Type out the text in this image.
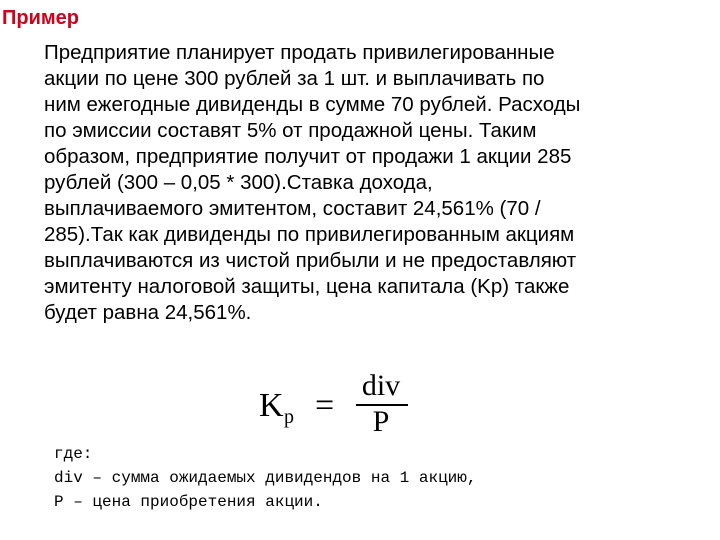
Пример
Предприятие планирует продать привилегированные
акции по цене 300 рублей за 1 шт. и выплачивать по
ним ежегодные дивиденды в сумме 70 рублей. Расходы
по эмиссии составят 5% от продажной цены. Таким
образом, предприятие получит от продажи 1 акции 285
рублей (300 – 0,05 * 300).Ставка дохода,
выплачиваемого эмитентом, составит 24,561% (70 /
285).Так как дивиденды по привилегированным акциям
выплачиваются из чистой прибыли и не предоставляют
эмитенту налоговой защиты, цена капитала (Kp) также
будет равна 24,561%.
K p =
div
P
где:
div – сумма ожидаемых дивидендов на 1 акцию,
P – цена приобретения акции.
